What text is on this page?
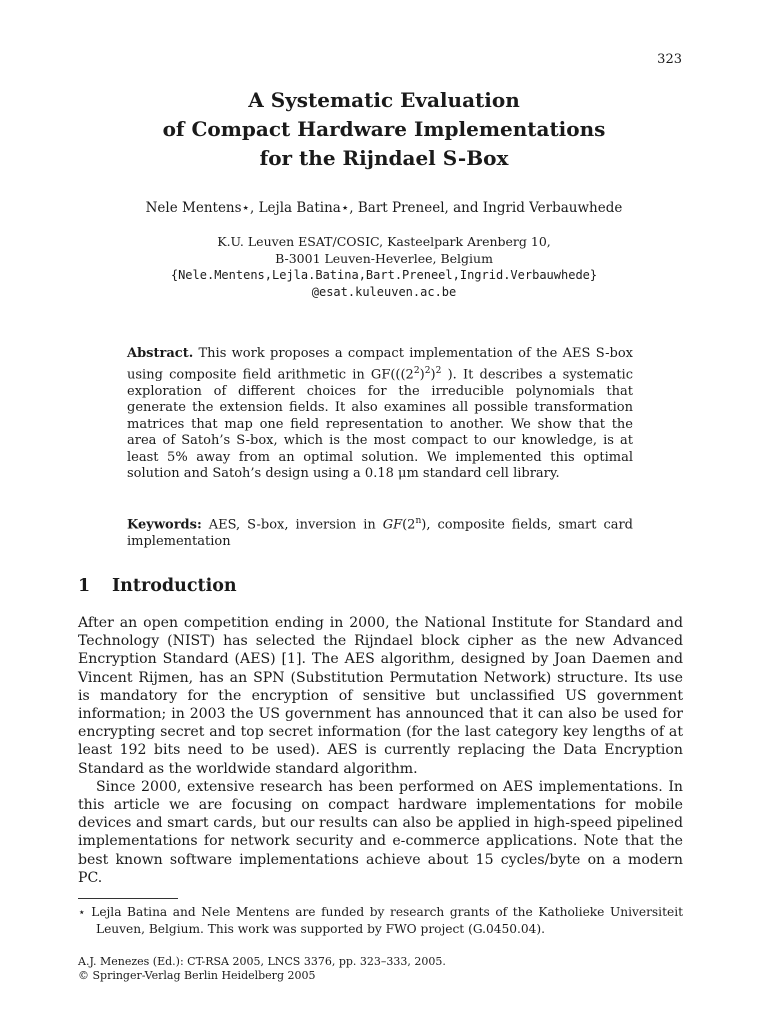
323
A Systematic Evaluation
of Compact Hardware Implementations
for the Rijndael S-Box
Nele Mentens⋆, Lejla Batina⋆, Bart Preneel, and Ingrid Verbauwhede
K.U. Leuven ESAT/COSIC, Kasteelpark Arenberg 10,
B-3001 Leuven-Heverlee, Belgium
{Nele.Mentens,Lejla.Batina,Bart.Preneel,Ingrid.Verbauwhede}
@esat.kuleuven.ac.be

Abstract. This work proposes a compact implementation of the AES S-box using composite field arithmetic in $GF(((2^2)^2)^2$ ). It describes a systematic exploration of different choices for the irreducible polynomials that generate the extension fields. It also examines all possible transformation matrices that map one field representation to another. We show that the area of Satoh’s S-box, which is the most compact to our knowledge, is at least 5% away from an optimal solution. We implemented this optimal solution and Satoh’s design using a 0.18 μm standard cell library.

Keywords: AES, S-box, inversion in GF(2$^n$), composite fields, smart card implementation
1 Introduction

After an open competition ending in 2000, the National Institute for Standard and Technology (NIST) has selected the Rijndael block cipher as the new Advanced Encryption Standard (AES) [1]. The AES algorithm, designed by Joan Daemen and Vincent Rijmen, has an SPN (Substitution Permutation Network) structure. Its use is mandatory for the encryption of sensitive but unclassified US government information; in 2003 the US government has announced that it can also be used for encrypting secret and top secret information (for the last category key lengths of at least 192 bits need to be used). AES is currently replacing the Data Encryption Standard as the worldwide standard algorithm.

Since 2000, extensive research has been performed on AES implementations. In this article we are focusing on compact hardware implementations for mobile devices and smart cards, but our results can also be applied in high-speed pipelined implementations for network security and e-commerce applications. Note that the best known software implementations achieve about 15 cycles/byte on a modern PC.

⋆ Lejla Batina and Nele Mentens are funded by research grants of the Katholieke Universiteit Leuven, Belgium. This work was supported by FWO project (G.0450.04).

A.J. Menezes (Ed.): CT-RSA 2005, LNCS 3376, pp. 323–333, 2005.
© Springer-Verlag Berlin Heidelberg 2005
